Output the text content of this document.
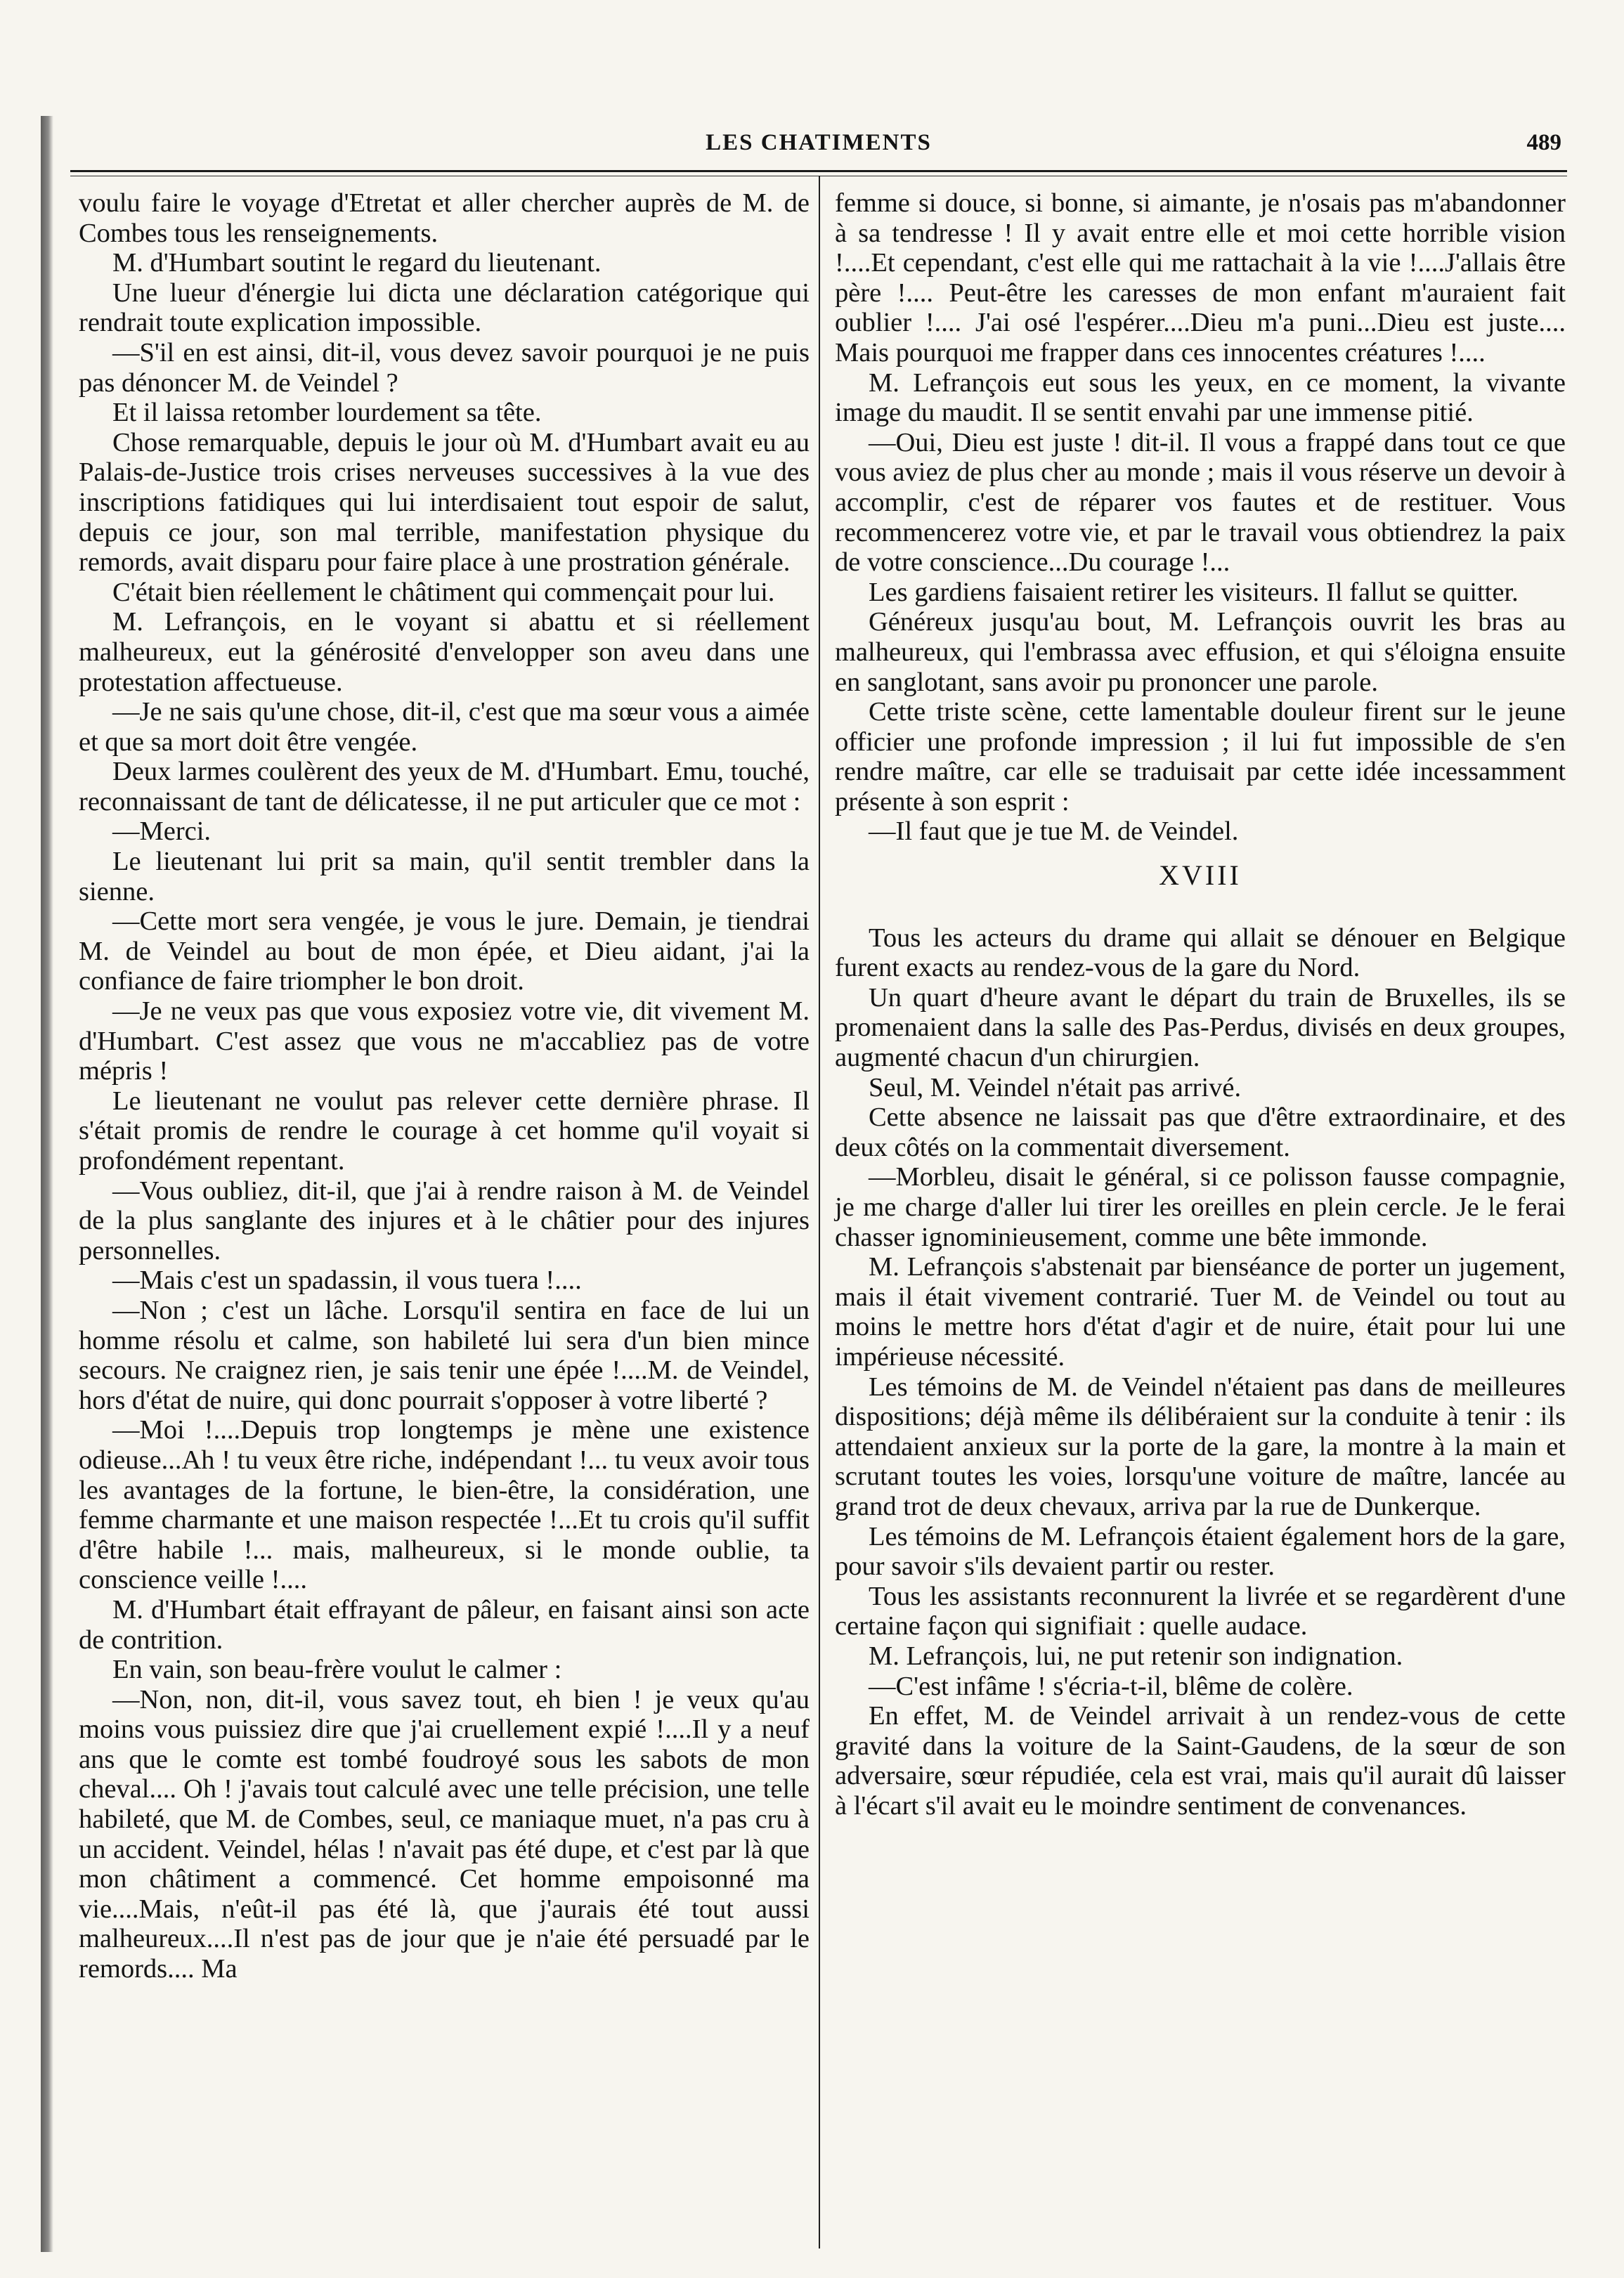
LES CHATIMENTS	489

voulu faire le voyage d'Etretat et aller chercher auprès de M. de Combes tous les renseignements.

M. d'Humbart soutint le regard du lieutenant.

Une lueur d'énergie lui dicta une déclaration catégorique qui rendrait toute explication impossible.

—S'il en est ainsi, dit-il, vous devez savoir pourquoi je ne puis pas dénoncer M. de Veindel ?

Et il laissa retomber lourdement sa tête.

Chose remarquable, depuis le jour où M. d'Humbart avait eu au Palais-de-Justice trois crises nerveuses successives à la vue des inscriptions fatidiques qui lui interdisaient tout espoir de salut, depuis ce jour, son mal terrible, manifestation physique du remords, avait disparu pour faire place à une prostration générale.

C'était bien réellement le châtiment qui commençait pour lui.

M. Lefrançois, en le voyant si abattu et si réellement malheureux, eut la générosité d'envelopper son aveu dans une protestation affectueuse.

—Je ne sais qu'une chose, dit-il, c'est que ma sœur vous a aimée et que sa mort doit être vengée.

Deux larmes coulèrent des yeux de M. d'Humbart. Emu, touché, reconnaissant de tant de délicatesse, il ne put articuler que ce mot :

—Merci.

Le lieutenant lui prit sa main, qu'il sentit trembler dans la sienne.

—Cette mort sera vengée, je vous le jure. Demain, je tiendrai M. de Veindel au bout de mon épée, et Dieu aidant, j'ai la confiance de faire triompher le bon droit.

—Je ne veux pas que vous exposiez votre vie, dit vivement M. d'Humbart. C'est assez que vous ne m'accabliez pas de votre mépris !

Le lieutenant ne voulut pas relever cette dernière phrase. Il s'était promis de rendre le courage à cet homme qu'il voyait si profondément repentant.

—Vous oubliez, dit-il, que j'ai à rendre raison à M. de Veindel de la plus sanglante des injures et à le châtier pour des injures personnelles.

—Mais c'est un spadassin, il vous tuera !....

—Non ; c'est un lâche. Lorsqu'il sentira en face de lui un homme résolu et calme, son habileté lui sera d'un bien mince secours. Ne craignez rien, je sais tenir une épée !....M. de Veindel, hors d'état de nuire, qui donc pourrait s'opposer à votre liberté ?

—Moi !....Depuis trop longtemps je mène une existence odieuse...Ah ! tu veux être riche, indépendant !... tu veux avoir tous les avantages de la fortune, le bien-être, la considération, une femme charmante et une maison respectée !...Et tu crois qu'il suffit d'être habile !... mais, malheureux, si le monde oublie, ta conscience veille !....

M. d'Humbart était effrayant de pâleur, en faisant ainsi son acte de contrition.

En vain, son beau-frère voulut le calmer :

—Non, non, dit-il, vous savez tout, eh bien ! je veux qu'au moins vous puissiez dire que j'ai cruellement expié !....Il y a neuf ans que le comte est tombé foudroyé sous les sabots de mon cheval.... Oh ! j'avais tout calculé avec une telle précision, une telle habileté, que M. de Combes, seul, ce maniaque muet, n'a pas cru à un accident. Veindel, hélas ! n'avait pas été dupe, et c'est par là que mon châtiment a commencé. Cet homme empoisonné ma vie....Mais, n'eût-il pas été là, que j'aurais été tout aussi malheureux....Il n'est pas de jour que je n'aie été persuadé par le remords.... Ma

femme si douce, si bonne, si aimante, je n'osais pas m'abandonner à sa tendresse ! Il y avait entre elle et moi cette horrible vision !....Et cependant, c'est elle qui me rattachait à la vie !....J'allais être père !.... Peut-être les caresses de mon enfant m'auraient fait oublier !.... J'ai osé l'espérer....Dieu m'a puni...Dieu est juste.... Mais pourquoi me frapper dans ces innocentes créatures !....

M. Lefrançois eut sous les yeux, en ce moment, la vivante image du maudit. Il se sentit envahi par une immense pitié.

—Oui, Dieu est juste ! dit-il. Il vous a frappé dans tout ce que vous aviez de plus cher au monde ; mais il vous réserve un devoir à accomplir, c'est de réparer vos fautes et de restituer. Vous recommencerez votre vie, et par le travail vous obtiendrez la paix de votre conscience...Du courage !...

Les gardiens faisaient retirer les visiteurs. Il fallut se quitter.

Généreux jusqu'au bout, M. Lefrançois ouvrit les bras au malheureux, qui l'embrassa avec effusion, et qui s'éloigna ensuite en sanglotant, sans avoir pu prononcer une parole.

Cette triste scène, cette lamentable douleur firent sur le jeune officier une profonde impression ; il lui fut impossible de s'en rendre maître, car elle se traduisait par cette idée incessamment présente à son esprit :

—Il faut que je tue M. de Veindel.

XVIII

Tous les acteurs du drame qui allait se dénouer en Belgique furent exacts au rendez-vous de la gare du Nord.

Un quart d'heure avant le départ du train de Bruxelles, ils se promenaient dans la salle des Pas-Perdus, divisés en deux groupes, augmenté chacun d'un chirurgien.

Seul, M. Veindel n'était pas arrivé.

Cette absence ne laissait pas que d'être extraordinaire, et des deux côtés on la commentait diversement.

—Morbleu, disait le général, si ce polisson fausse compagnie, je me charge d'aller lui tirer les oreilles en plein cercle. Je le ferai chasser ignominieusement, comme une bête immonde.

M. Lefrançois s'abstenait par bienséance de porter un jugement, mais il était vivement contrarié. Tuer M. de Veindel ou tout au moins le mettre hors d'état d'agir et de nuire, était pour lui une impérieuse nécessité.

Les témoins de M. de Veindel n'étaient pas dans de meilleures dispositions; déjà même ils délibéraient sur la conduite à tenir : ils attendaient anxieux sur la porte de la gare, la montre à la main et scrutant toutes les voies, lorsqu'une voiture de maître, lancée au grand trot de deux chevaux, arriva par la rue de Dunkerque.

Les témoins de M. Lefrançois étaient également hors de la gare, pour savoir s'ils devaient partir ou rester.

Tous les assistants reconnurent la livrée et se regardèrent d'une certaine façon qui signifiait : quelle audace.

M. Lefrançois, lui, ne put retenir son indignation.

—C'est infâme ! s'écria-t-il, blême de colère.

En effet, M. de Veindel arrivait à un rendez-vous de cette gravité dans la voiture de la Saint-Gaudens, de la sœur de son adversaire, sœur répudiée, cela est vrai, mais qu'il aurait dû laisser à l'écart s'il avait eu le moindre sentiment de convenances.
